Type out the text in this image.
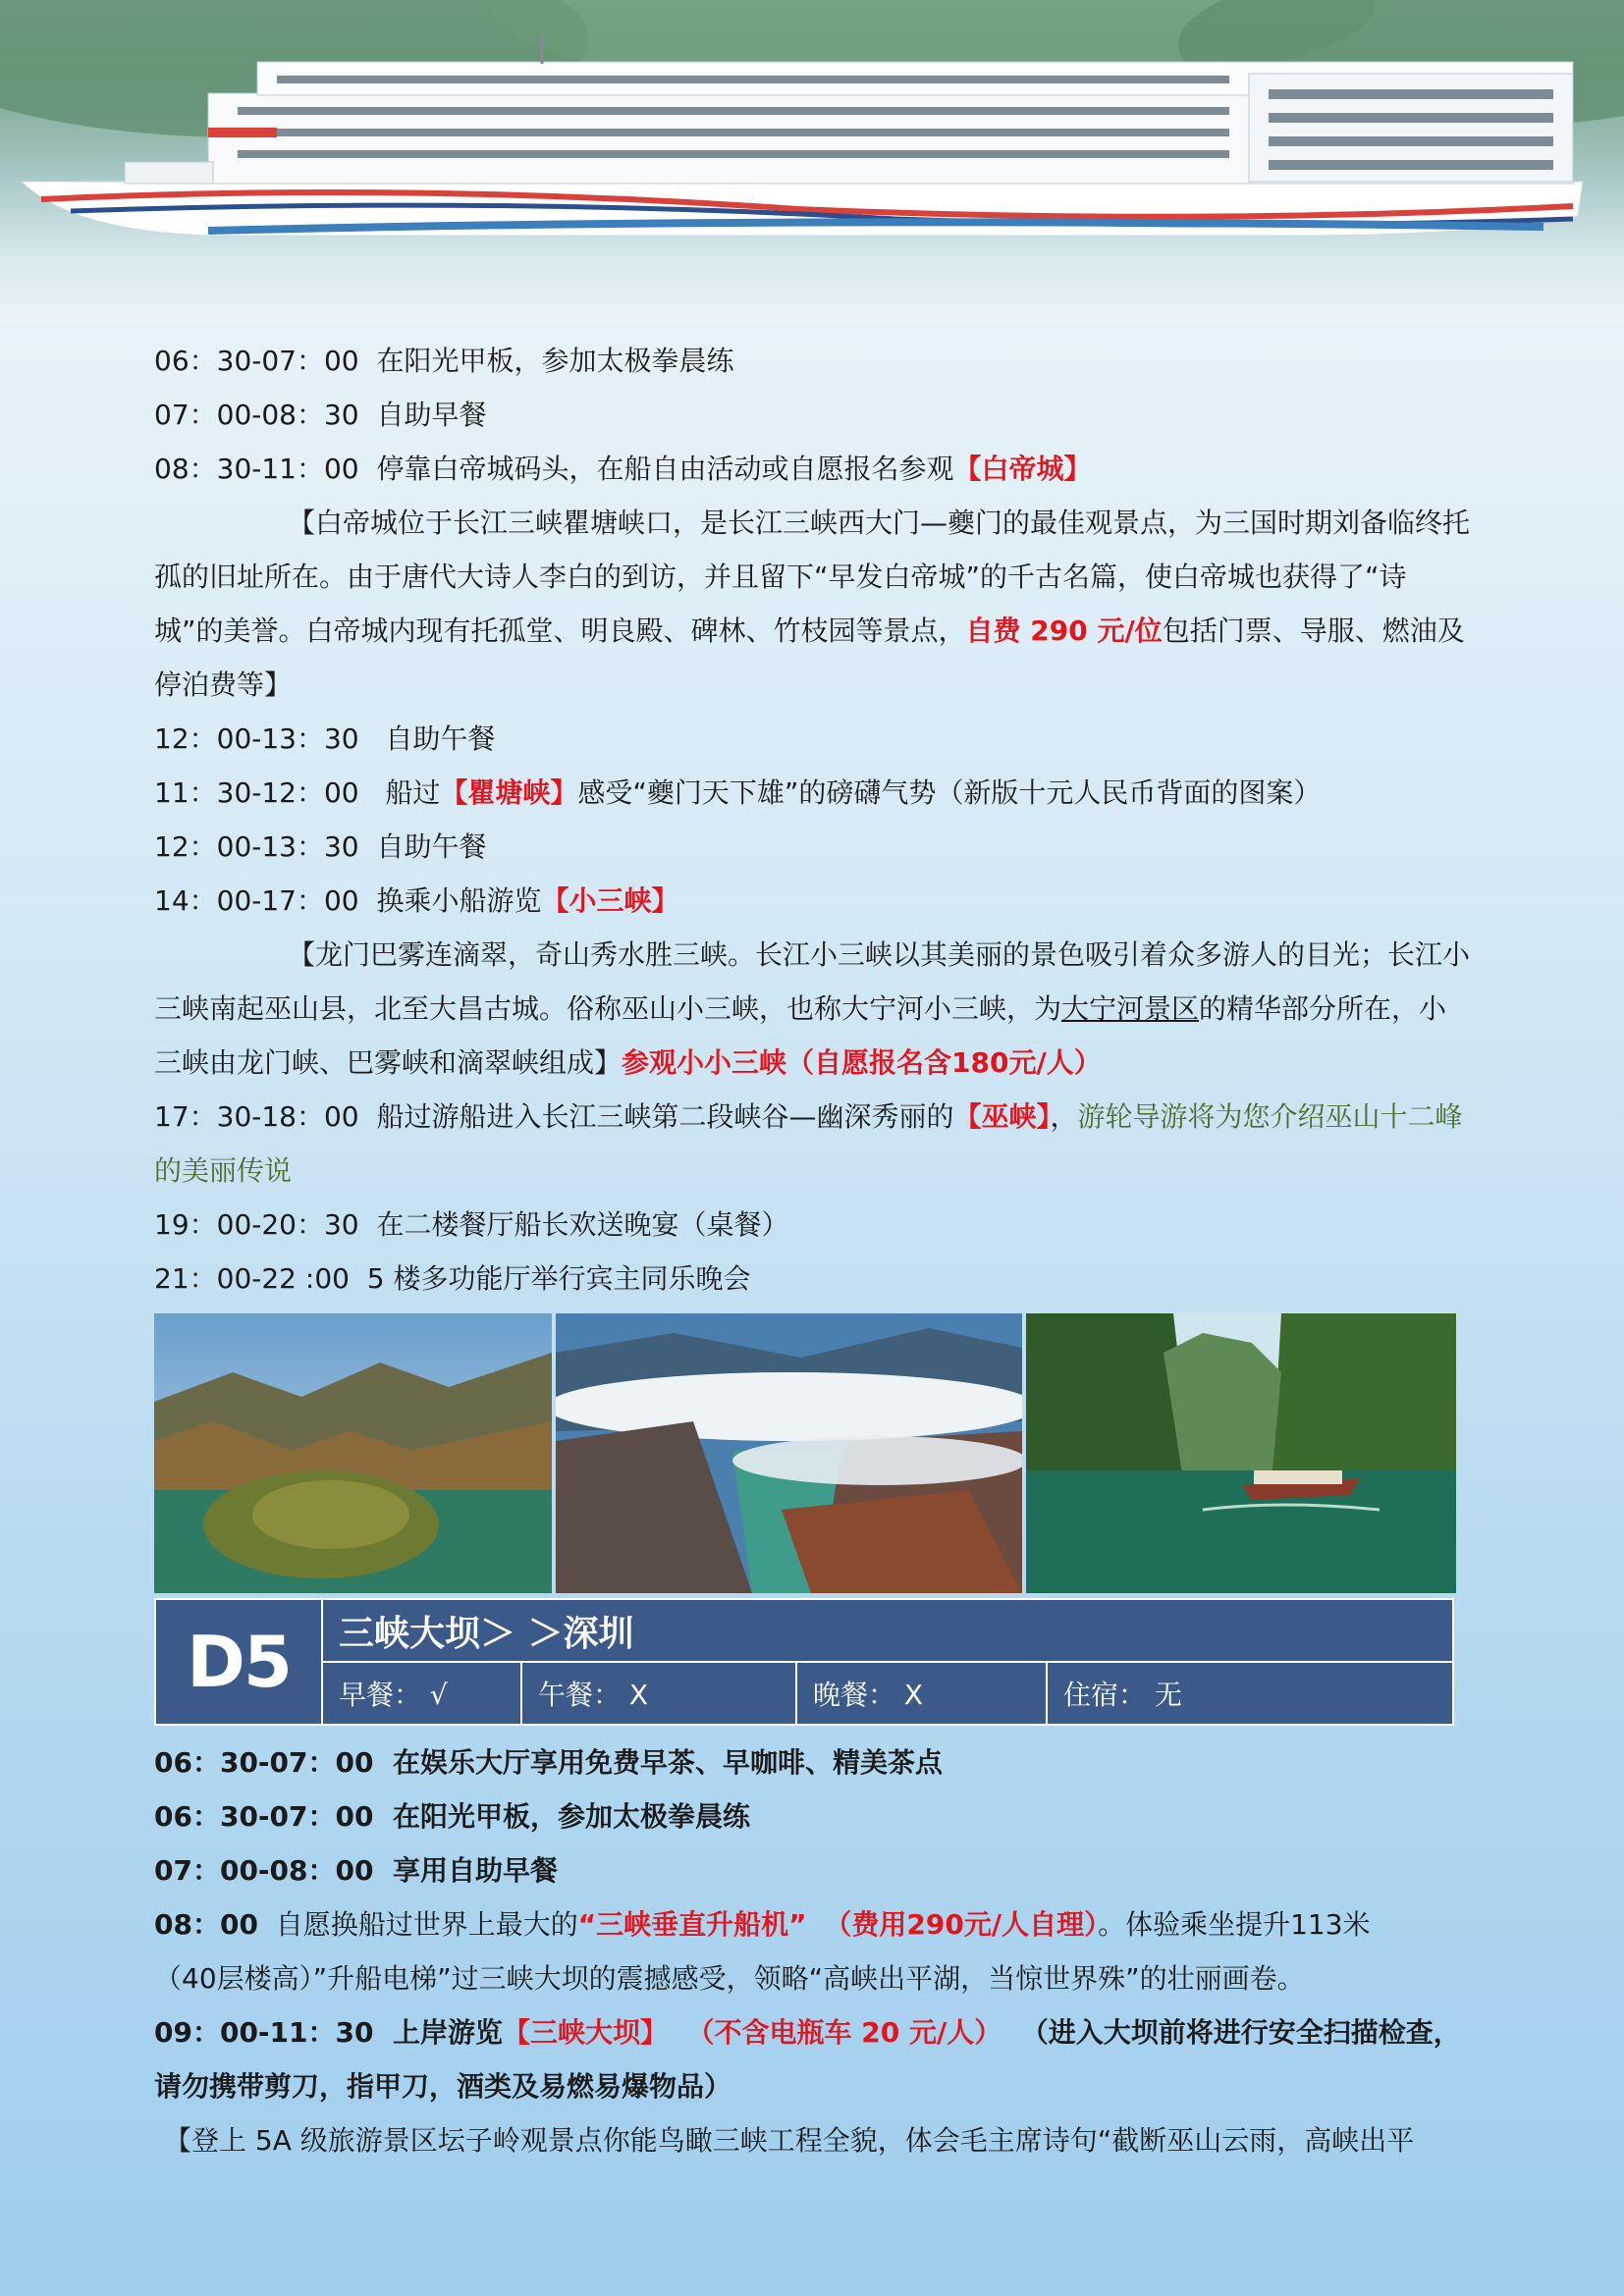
06：30-07：00 在阳光甲板，参加太极拳晨练
07：00-08：30 自助早餐
08：30-11：00 停靠白帝城码头，在船自由活动或自愿报名参观【白帝城】
【白帝城位于长江三峡瞿塘峡口，是长江三峡西大门—夔门的最佳观景点，为三国时期刘备临终托孤的旧址所在。由于唐代大诗人李白的到访，并且留下“早发白帝城”的千古名篇，使白帝城也获得了“诗城”的美誉。白帝城内现有托孤堂、明良殿、碑林、竹枝园等景点，自费 290 元/位包括门票、导服、燃油及停泊费等】
12：00-13：30 自助午餐
11：30-12：00 船过【瞿塘峡】感受“夔门天下雄”的磅礴气势（新版十元人民币背面的图案）
12：00-13：30 自助午餐
14：00-17：00 换乘小船游览【小三峡】
【龙门巴雾连滴翠，奇山秀水胜三峡。长江小三峡以其美丽的景色吸引着众多游人的目光；长江小三峡南起巫山县，北至大昌古城。俗称巫山小三峡，也称大宁河小三峡，为大宁河景区的精华部分所在，小三峡由龙门峡、巴雾峡和滴翠峡组成】参观小小三峡（自愿报名含180元/人）
17：30-18：00 船过游船进入长江三峡第二段峡谷—幽深秀丽的【巫峡】，游轮导游将为您介绍巫山十二峰的美丽传说
19：00-20：30 在二楼餐厅船长欢送晚宴（桌餐）
21：00-22 :00 5 楼多功能厅举行宾主同乐晚会
D5	三峡大坝＞ ＞深圳
早餐： √	午餐： X	晚餐： X	住宿： 无
06：30-07：00 在娱乐大厅享用免费早茶、早咖啡、精美茶点
06：30-07：00 在阳光甲板，参加太极拳晨练
07：00-08：00 享用自助早餐
08：00 自愿换船过世界上最大的“三峡垂直升船机” （费用290元/人自理）。体验乘坐提升113米（40层楼高）”升船电梯”过三峡大坝的震撼感受，领略“高峡出平湖，当惊世界殊”的壮丽画卷。
09：00-11：30 上岸游览【三峡大坝】 （不含电瓶车 20 元/人） （进入大坝前将进行安全扫描检查，请勿携带剪刀，指甲刀，酒类及易燃易爆物品）
【登上 5A 级旅游景区坛子岭观景点你能鸟瞰三峡工程全貌，体会毛主席诗句“截断巫山云雨，高峡出平
